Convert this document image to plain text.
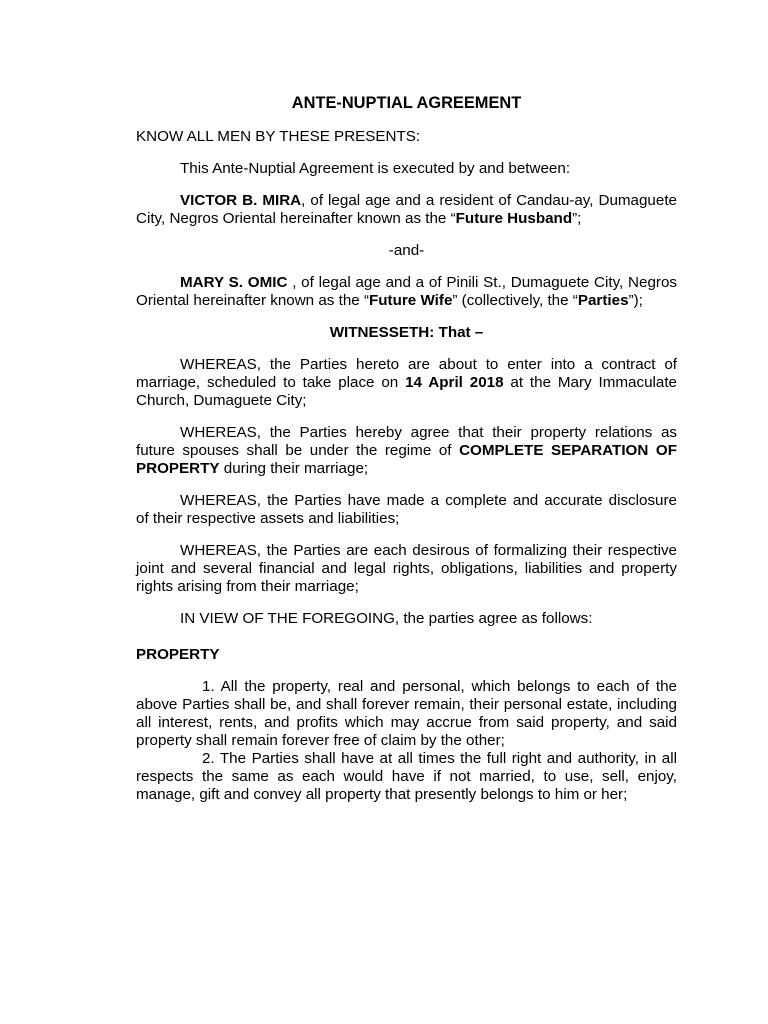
ANTE-NUPTIAL AGREEMENT

KNOW ALL MEN BY THESE PRESENTS:

This Ante-Nuptial Agreement is executed by and between:

VICTOR B. MIRA, of legal age and a resident of Candau-ay, Dumaguete City, Negros Oriental hereinafter known as the “Future Husband”;

-and-

MARY S. OMIC , of legal age and a of Pinili St., Dumaguete City, Negros Oriental hereinafter known as the “Future Wife” (collectively, the “Parties”);

WITNESSETH: That –

WHEREAS, the Parties hereto are about to enter into a contract of marriage, scheduled to take place on 14 April 2018 at the Mary Immaculate Church, Dumaguete City;

WHEREAS, the Parties hereby agree that their property relations as future spouses shall be under the regime of COMPLETE SEPARATION OF PROPERTY during their marriage;

WHEREAS, the Parties have made a complete and accurate disclosure of their respective assets and liabilities;

WHEREAS, the Parties are each desirous of formalizing their respective joint and several financial and legal rights, obligations, liabilities and property rights arising from their marriage;

IN VIEW OF THE FOREGOING, the parties agree as follows:

PROPERTY

1. All the property, real and personal, which belongs to each of the above Parties shall be, and shall forever remain, their personal estate, including all interest, rents, and profits which may accrue from said property, and said property shall remain forever free of claim by the other;

2. The Parties shall have at all times the full right and authority, in all respects the same as each would have if not married, to use, sell, enjoy, manage, gift and convey all property that presently belongs to him or her;
